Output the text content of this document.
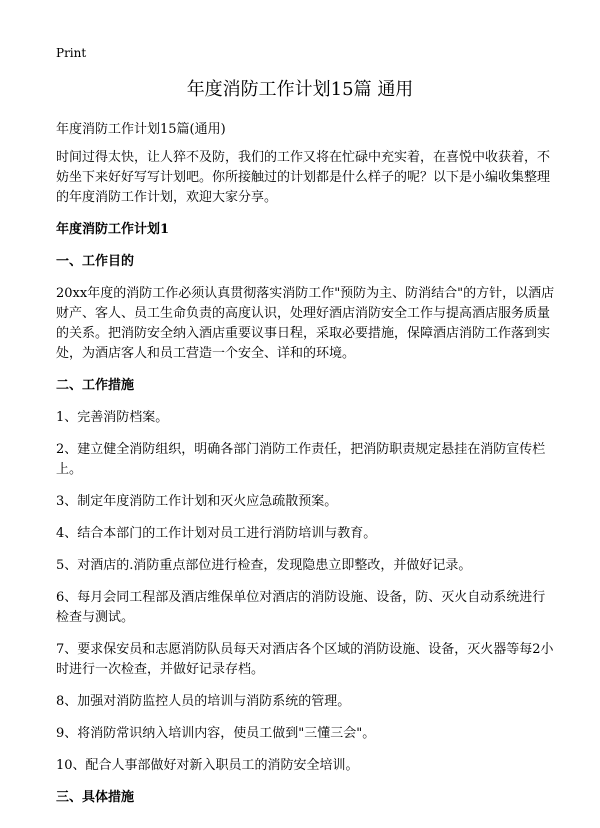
Print
年度消防工作计划15篇 通用

年度消防工作计划15篇(通用)

时间过得太快，让人猝不及防，我们的工作又将在忙碌中充实着，在喜悦中收获着，不妨坐下来好好写写计划吧。你所接触过的计划都是什么样子的呢？以下是小编收集整理的年度消防工作计划，欢迎大家分享。

年度消防工作计划1

一、工作目的

20xx年度的消防工作必须认真贯彻落实消防工作"预防为主、防消结合"的方针，以酒店财产、客人、员工生命负责的高度认识，处理好酒店消防安全工作与提高酒店服务质量的关系。把消防安全纳入酒店重要议事日程，采取必要措施，保障酒店消防工作落到实处，为酒店客人和员工营造一个安全、详和的环境。

二、工作措施

1、完善消防档案。

2、建立健全消防组织，明确各部门消防工作责任，把消防职责规定悬挂在消防宣传栏上。

3、制定年度消防工作计划和灭火应急疏散预案。

4、结合本部门的工作计划对员工进行消防培训与教育。

5、对酒店的.消防重点部位进行检查，发现隐患立即整改，并做好记录。

6、每月会同工程部及酒店维保单位对酒店的消防设施、设备，防、灭火自动系统进行检查与测试。

7、要求保安员和志愿消防队员每天对酒店各个区域的消防设施、设备，灭火器等每2小时进行一次检查，并做好记录存档。

8、加强对消防监控人员的培训与消防系统的管理。

9、将消防常识纳入培训内容，使员工做到"三懂三会"。

10、配合人事部做好对新入职员工的消防安全培训。

三、具体措施
